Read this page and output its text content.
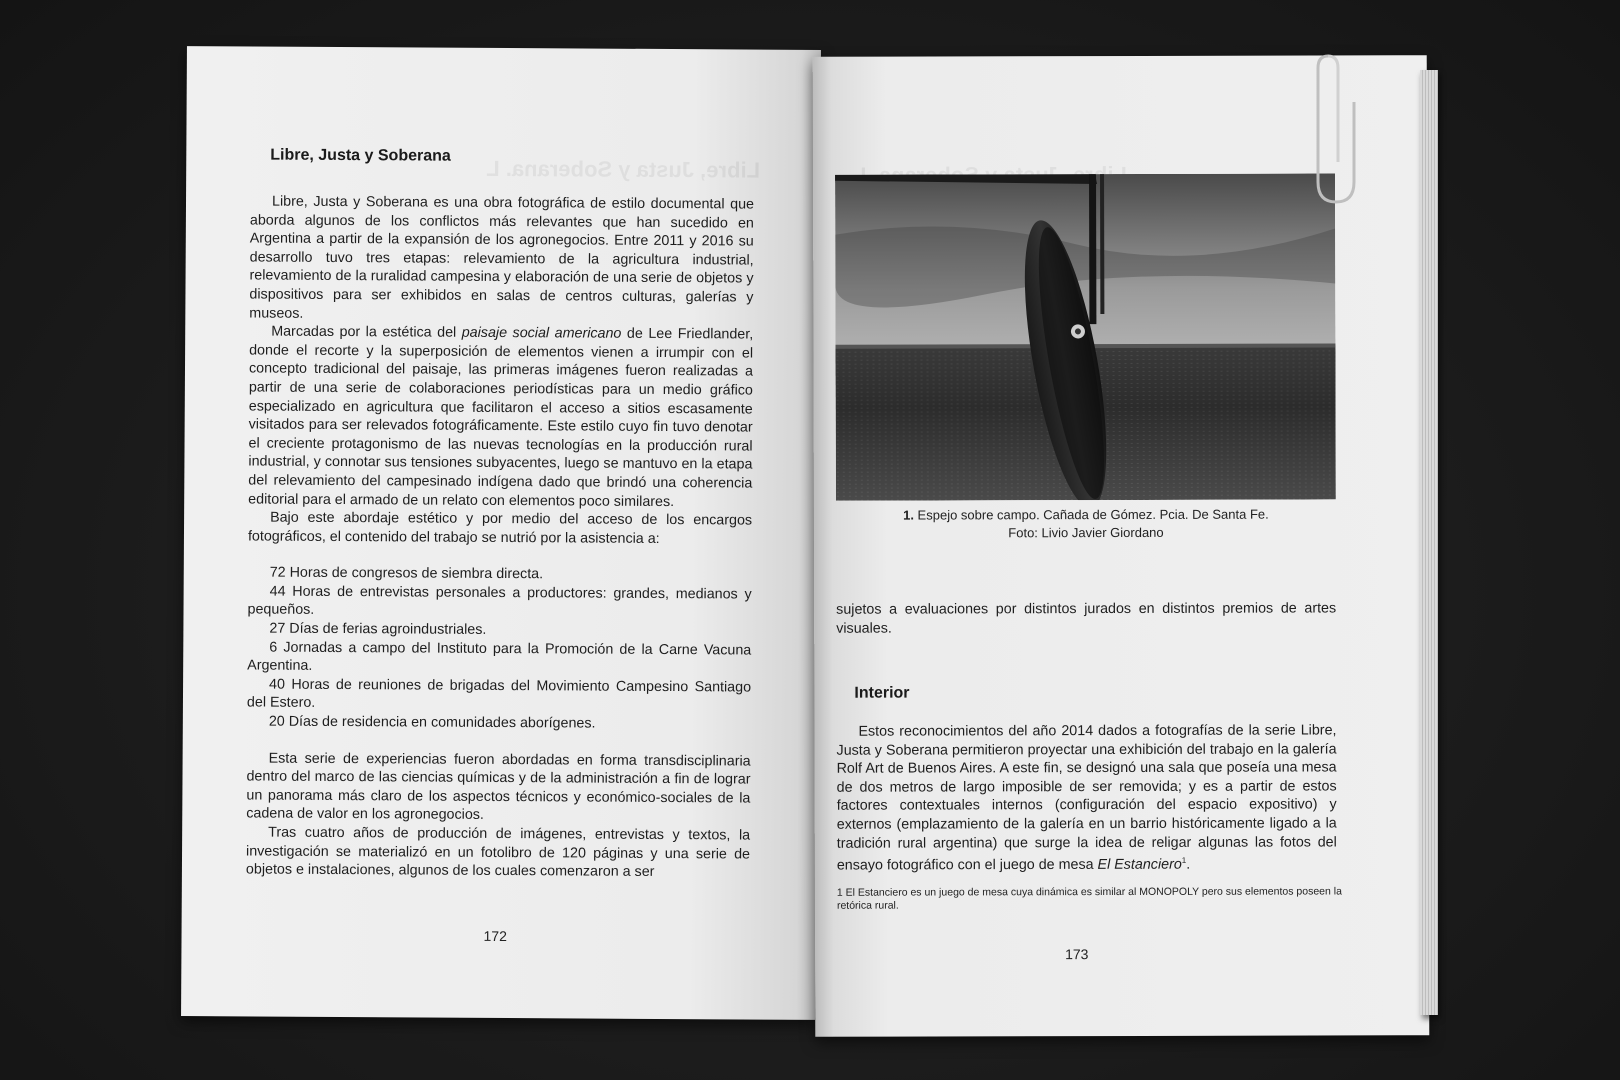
Libre, Justa y Soberana. L
Libre, Justa y Soberana

Libre, Justa y Soberana es una obra fotográfica de estilo documental que aborda algunos de los conflictos más relevantes que han sucedido en Argentina a partir de la expansión de los agronegocios. Entre 2011 y 2016 su desarrollo tuvo tres etapas: relevamiento de la agricultura industrial, relevamiento de la ruralidad campesina y elaboración de una serie de objetos y dispositivos para ser exhibidos en salas de centros culturas, galerías y museos.

Marcadas por la estética del paisaje social americano de Lee Friedlander, donde el recorte y la superposición de elementos vienen a irrumpir con el concepto tradicional del paisaje, las primeras imágenes fueron realizadas a partir de una serie de colaboraciones periodísticas para un medio gráfico especializado en agricultura que facilitaron el acceso a sitios escasamente visitados para ser relevados fotográficamente. Este estilo cuyo fin tuvo denotar el creciente protagonismo de las nuevas tecnologías en la producción rural industrial, y connotar sus tensiones subyacentes, luego se mantuvo en la etapa del relevamiento del campesinado indígena dado que brindó una coherencia editorial para el armado de un relato con elementos poco similares.

Bajo este abordaje estético y por medio del acceso de los encargos fotográficos, el contenido del trabajo se nutrió por la asistencia a:

72 Horas de congresos de siembra directa.

44 Horas de entrevistas personales a productores: grandes, medianos y pequeños.

27 Días de ferias agroindustriales.

6 Jornadas a campo del Instituto para la Promoción de la Carne Vacuna Argentina.

40 Horas de reuniones de brigadas del Movimiento Campesino Santiago del Estero.

20 Días de residencia en comunidades aborígenes.

Esta serie de experiencias fueron abordadas en forma transdisciplinaria dentro del marco de las ciencias químicas y de la administración a fin de lograr un panorama más claro de los aspectos técnicos y económico-sociales de la cadena de valor en los agronegocios.

Tras cuatro años de producción de imágenes, entrevistas y textos, la investigación se materializó en un fotolibro de 120 páginas y una serie de objetos e instalaciones, algunos de los cuales comenzaron a ser

172
1. Espejo sobre campo. Cañada de Gómez. Pcia. De Santa Fe.
Foto: Livio Javier Giordano
sujetos a evaluaciones por distintos jurados en distintos premios de artes visuales.
Interior

Estos reconocimientos del año 2014 dados a fotografías de la serie Libre, Justa y Soberana permitieron proyectar una exhibición del trabajo en la galería Rolf Art de Buenos Aires. A este fin, se designó una sala que poseía una mesa de dos metros de largo imposible de ser removida; y es a partir de estos factores contextuales internos (configuración del espacio expositivo) y externos (emplazamiento de la galería en un barrio históricamente ligado a la tradición rural argentina) que surge la idea de religar algunas las fotos del ensayo fotográfico con el juego de mesa El Estanciero$^1$.

1 El Estanciero es un juego de mesa cuya dinámica es similar al MONOPOLY pero sus elementos poseen la retórica rural.
173
